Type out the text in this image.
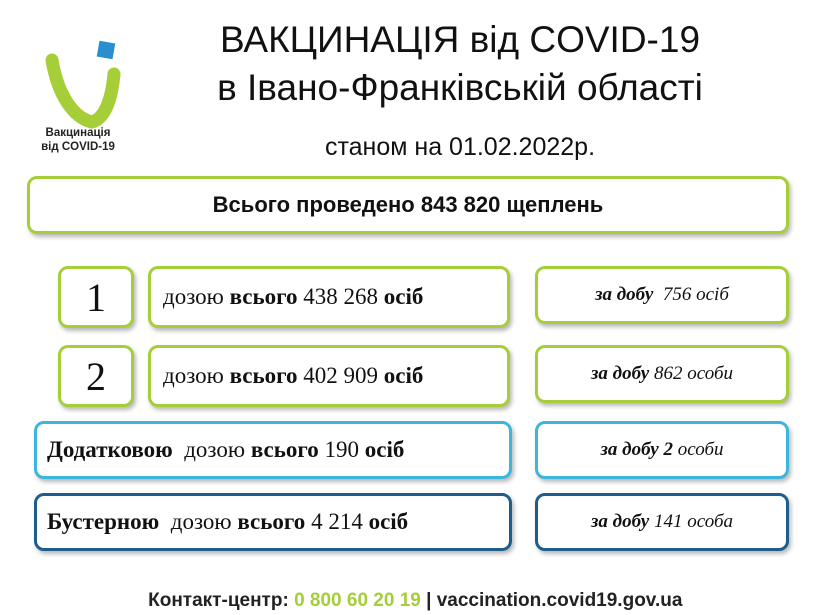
Вакцинація
від COVID-19
ВАКЦИНАЦІЯ від COVID-19
в Івано-Франківській області
станом на 01.02.2022р.
Всього проведено 843 820 щеплень
1 дозою всього 438 268 осіб	за добу 756 осіб
2 дозою всього 402 909 осіб	за добу 862 особи
Додатковою дозою всього 190 осіб	за добу 2 особи
Бустерною дозою всього 4 214 осіб	за добу 141 особа

Контакт-центр: 0 800 60 20 19 | vaccination.covid19.gov.ua
